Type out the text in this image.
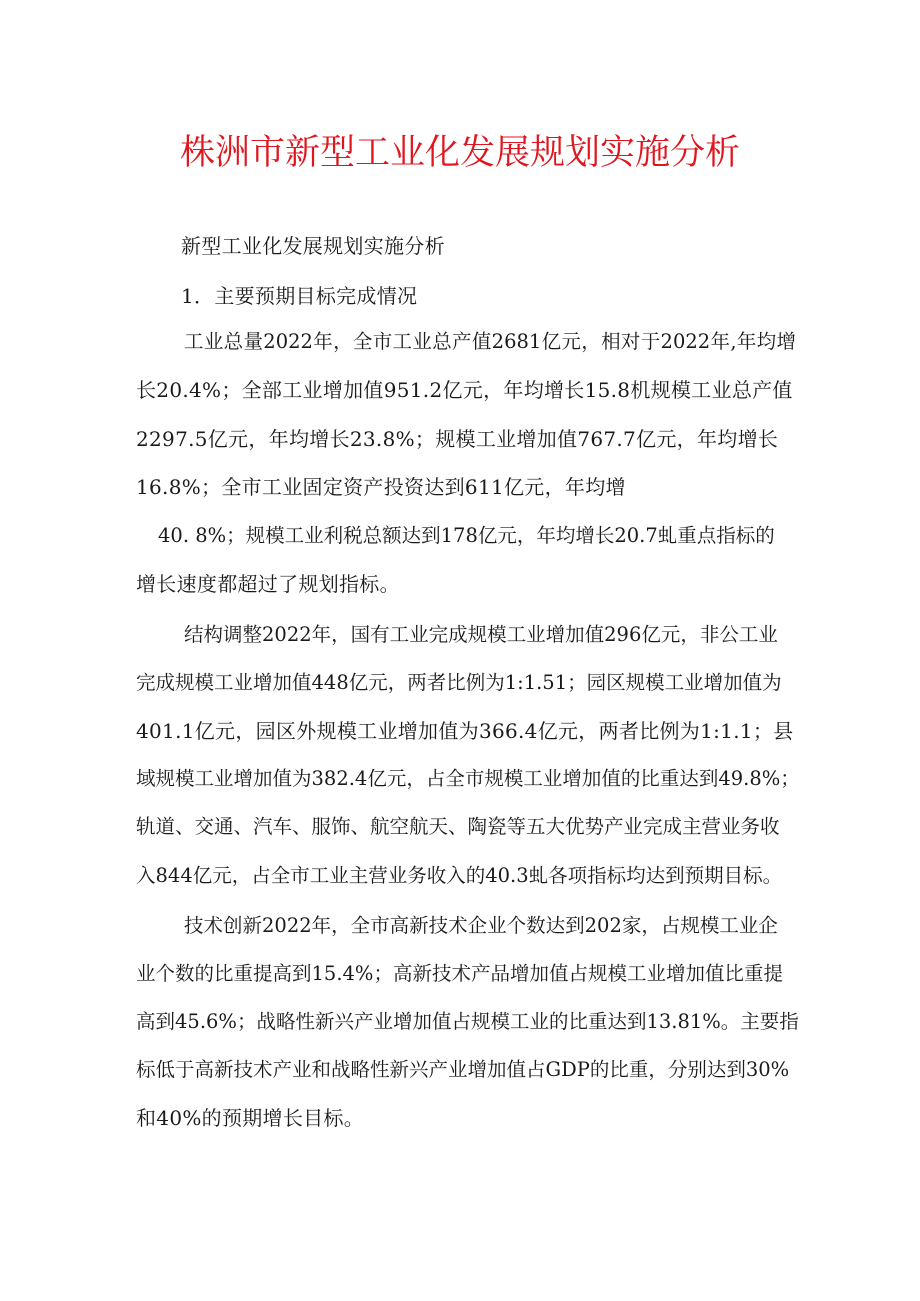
株洲市新型工业化发展规划实施分析
新型工业化发展规划实施分析
1．主要预期目标完成情况
工业总量2022年，全市工业总产值2681亿元，相对于2022年,年均增
长20.4%；全部工业增加值951.2亿元，年均增长15.8机规模工业总产值
2297.5亿元，年均增长23.8%；规模工业增加值767.7亿元，年均增长
16.8%；全市工业固定资产投资达到611亿元，年均增
40. 8%；规模工业利税总额达到178亿元，年均增长20.7虬重点指标的
增长速度都超过了规划指标。
结构调整2022年，国有工业完成规模工业增加值296亿元，非公工业
完成规模工业增加值448亿元，两者比例为1:1.51；园区规模工业增加值为
401.1亿元，园区外规模工业增加值为366.4亿元，两者比例为1:1.1；县
域规模工业增加值为382.4亿元，占全市规模工业增加值的比重达到49.8%；
轨道、交通、汽车、服饰、航空航天、陶瓷等五大优势产业完成主营业务收
入844亿元，占全市工业主营业务收入的40.3虬各项指标均达到预期目标。
技术创新2022年，全市高新技术企业个数达到202家，占规模工业企
业个数的比重提高到15.4%；高新技术产品增加值占规模工业增加值比重提
高到45.6%；战略性新兴产业增加值占规模工业的比重达到13.81%。主要指
标低于高新技术产业和战略性新兴产业增加值占GDP的比重，分别达到30%
和40%的预期增长目标。
